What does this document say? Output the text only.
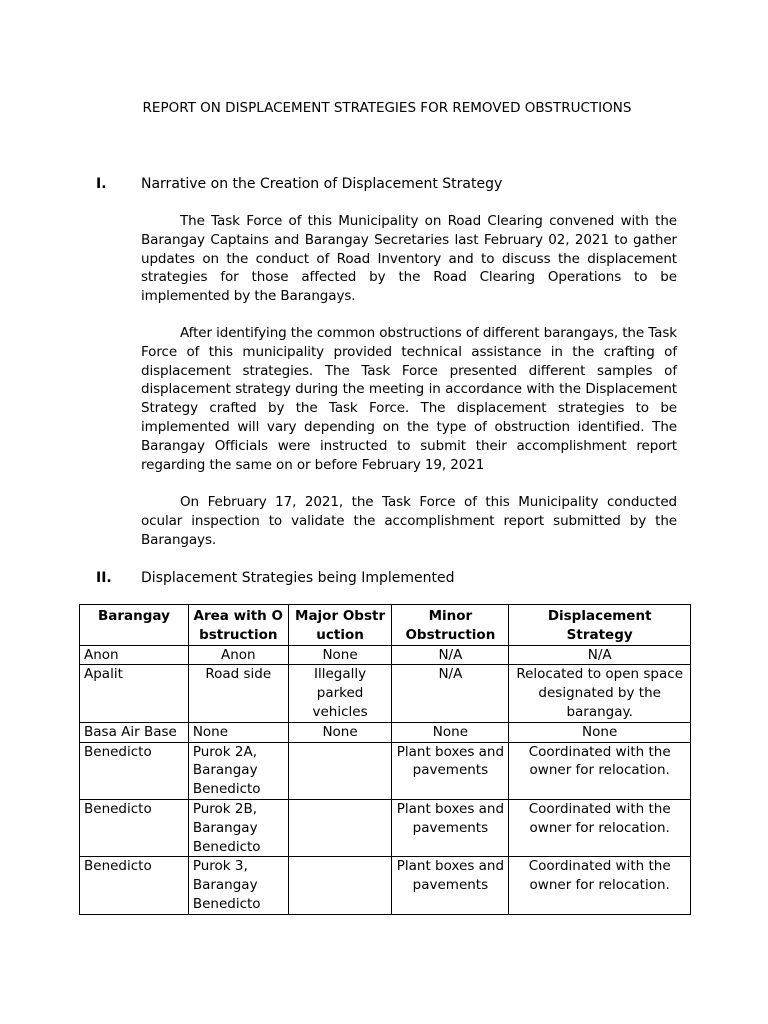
REPORT ON DISPLACEMENT STRATEGIES FOR REMOVED OBSTRUCTIONS
I. Narrative on the Creation of Displacement Strategy

The Task Force of this Municipality on Road Clearing convened with the Barangay Captains and Barangay Secretaries last February 02, 2021 to gather updates on the conduct of Road Inventory and to discuss the displacement strategies for those affected by the Road Clearing Operations to be implemented by the Barangays.

After identifying the common obstructions of different barangays, the Task Force of this municipality provided technical assistance in the crafting of displacement strategies. The Task Force presented different samples of displacement strategy during the meeting in accordance with the Displacement Strategy crafted by the Task Force. The displacement strategies to be implemented will vary depending on the type of obstruction identified. The Barangay Officials were instructed to submit their accomplishment report regarding the same on or before February 19, 2021

On February 17, 2021, the Task Force of this Municipality conducted ocular inspection to validate the accomplishment report submitted by the Barangays.

II. Displacement Strategies being Implemented
Barangay	Area with Obstruction	Major Obstruction	Minor Obstruction	Displacement Strategy
Anon	Anon	None	N/A	N/A
Apalit	Road side	Illegally parked vehicles	N/A	Relocated to open space designated by the barangay.
Basa Air Base	None	None	None	None
Benedicto	Purok 2A, Barangay Benedicto		Plant boxes and pavements	Coordinated with the owner for relocation.
Benedicto	Purok 2B, Barangay Benedicto		Plant boxes and pavements	Coordinated with the owner for relocation.
Benedicto	Purok 3, Barangay Benedicto		Plant boxes and pavements	Coordinated with the owner for relocation.
